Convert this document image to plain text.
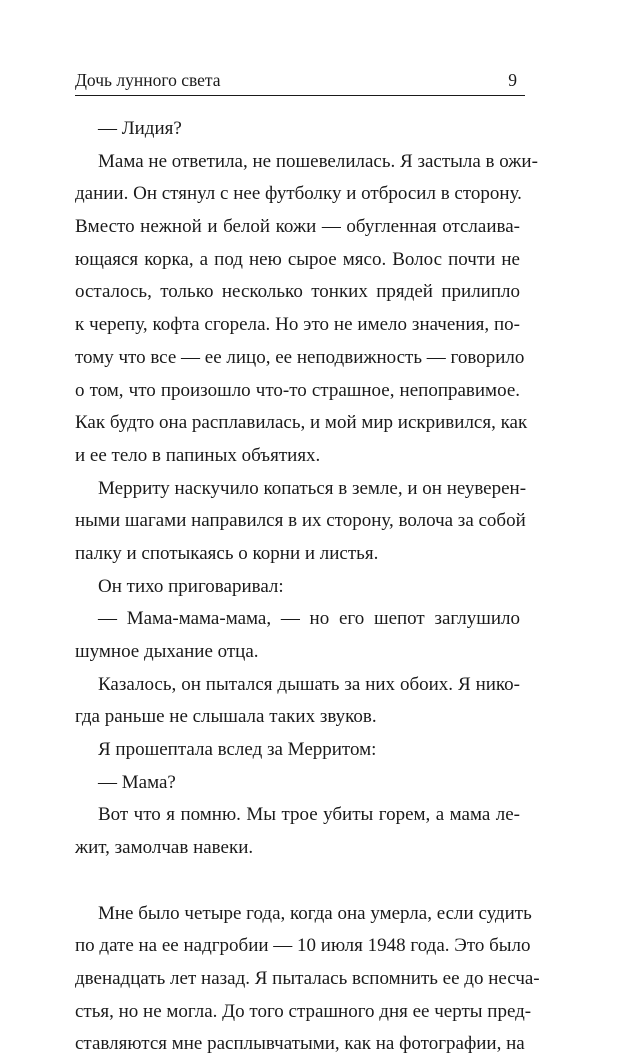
Дочь лунного света	9
— Лидия?
Мама не ответила, не пошевелилась. Я застыла в ожи-
дании. Он стянул с нее футболку и отбросил в сторону.
Вместо нежной и белой кожи — обугленная отслаива-
ющаяся корка, а под нею сырое мясо. Волос почти не
осталось, только несколько тонких прядей прилипло
к черепу, кофта сгорела. Но это не имело значения, по-
тому что все — ее лицо, ее неподвижность — говорило
о том, что произошло что-то страшное, непоправимое.
Как будто она расплавилась, и мой мир искривился, как
и ее тело в папиных объятиях.
Мерриту наскучило копаться в земле, и он неуверен-
ными шагами направился в их сторону, волоча за собой
палку и спотыкаясь о корни и листья.
Он тихо приговаривал:
— Мама-мама-мама, — но его шепот заглушило
шумное дыхание отца.
Казалось, он пытался дышать за них обоих. Я нико-
гда раньше не слышала таких звуков.
Я прошептала вслед за Мерритом:
— Мама?
Вот что я помню. Мы трое убиты горем, а мама ле-
жит, замолчав навеки.
Мне было четыре года, когда она умерла, если судить
по дате на ее надгробии — 10 июля 1948 года. Это было
двенадцать лет назад. Я пыталась вспомнить ее до несча-
стья, но не могла. До того страшного дня ее черты пред-
ставляются мне расплывчатыми, как на фотографии, на
